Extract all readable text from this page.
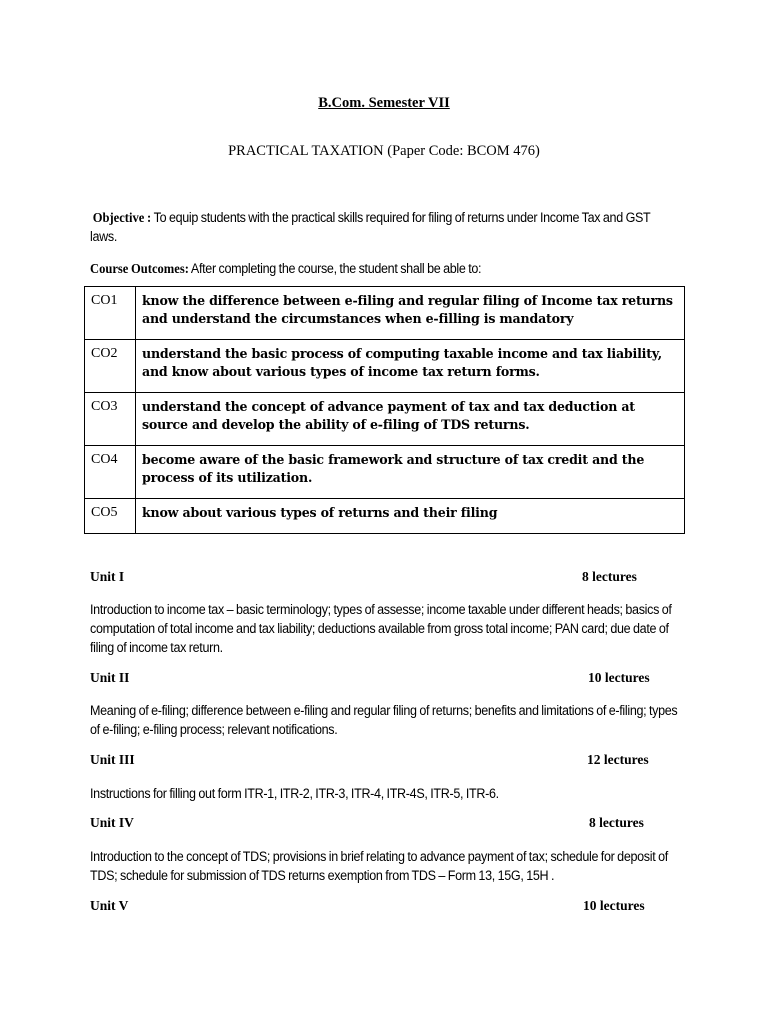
B.Com. Semester VII
PRACTICAL TAXATION (Paper Code: BCOM 476)
Objective : To equip students with the practical skills required for filing of returns under Income Tax and GST laws.
Course Outcomes: After completing the course, the student shall be able to:
CO1	know the difference between e-filing and regular filing of Income tax returns and understand the circumstances when e-filling is mandatory
CO2	understand the basic process of computing taxable income and tax liability, and know about various types of income tax return forms.
CO3	understand the concept of advance payment of tax and tax deduction at source and develop the ability of e-filing of TDS returns.
CO4	become aware of the basic framework and structure of tax credit and the process of its utilization.
CO5	know about various types of returns and their filing
Unit I	8 lectures
Introduction to income tax – basic terminology; types of assesse; income taxable under different heads; basics of computation of total income and tax liability; deductions available from gross total income; PAN card; due date of filing of income tax return.
Unit II	10 lectures
Meaning of e-filing; difference between e-filing and regular filing of returns; benefits and limitations of e-filing; types of e-filing; e-filing process; relevant notifications.
Unit III	12 lectures
Instructions for filling out form ITR-1, ITR-2, ITR-3, ITR-4, ITR-4S, ITR-5, ITR-6.
Unit IV	8 lectures
Introduction to the concept of TDS; provisions in brief relating to advance payment of tax; schedule for deposit of TDS; schedule for submission of TDS returns exemption from TDS – Form 13, 15G, 15H .
Unit V	10 lectures
